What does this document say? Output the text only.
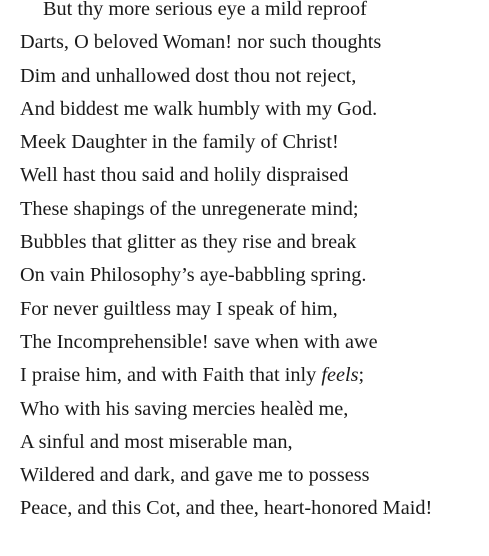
But thy more serious eye a mild reproof
Darts, O beloved Woman! nor such thoughts
Dim and unhallowed dost thou not reject,
And biddest me walk humbly with my God.
Meek Daughter in the family of Christ!
Well hast thou said and holily dispraised
These shapings of the unregenerate mind;
Bubbles that glitter as they rise and break
On vain Philosophy’s aye-babbling spring.
For never guiltless may I speak of him,
The Incomprehensible! save when with awe
I praise him, and with Faith that inly feels;
Who with his saving mercies healèd me,
A sinful and most miserable man,
Wildered and dark, and gave me to possess
Peace, and this Cot, and thee, heart-honored Maid!
